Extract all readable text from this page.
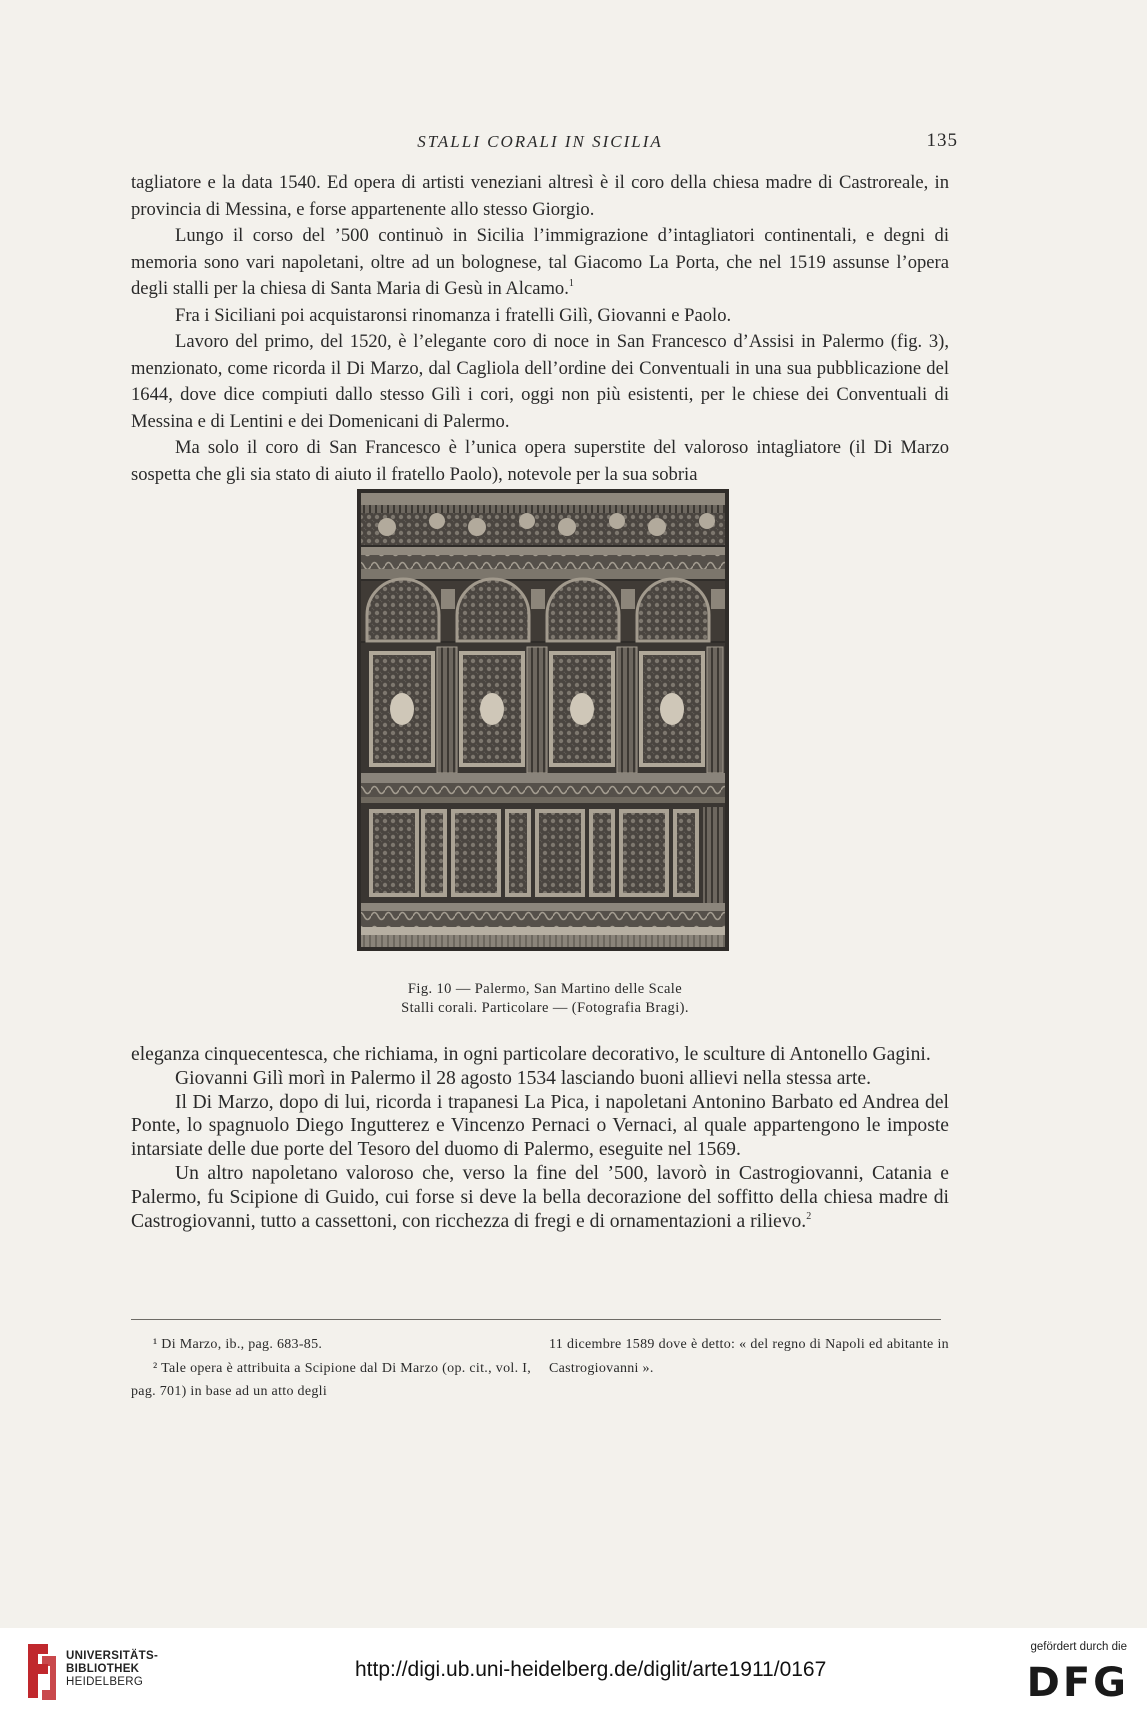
STALLI CORALI IN SICILIA	135

tagliatore e la data 1540. Ed opera di artisti veneziani altresì è il coro della chiesa madre di Castroreale, in provincia di Messina, e forse appartenente allo stesso Giorgio.

Lungo il corso del ’500 continuò in Sicilia l’immigrazione d’intagliatori continentali, e degni di memoria sono vari napoletani, oltre ad un bolognese, tal Giacomo La Porta, che nel 1519 assunse l’opera degli stalli per la chiesa di Santa Maria di Gesù in Alcamo.$^1$

Fra i Siciliani poi acquistaronsi rinomanza i fratelli Gilì, Giovanni e Paolo.

Lavoro del primo, del 1520, è l’elegante coro di noce in San Francesco d’Assisi in Palermo (fig. 3), menzionato, come ricorda il Di Marzo, dal Cagliola dell’ordine dei Conventuali in una sua pubblicazione del 1644, dove dice compiuti dallo stesso Gilì i cori, oggi non più esistenti, per le chiese dei Conventuali di Messina e di Lentini e dei Domenicani di Palermo.

Ma solo il coro di San Francesco è l’unica opera superstite del valoroso intagliatore (il Di Marzo sospetta che gli sia stato di aiuto il fratello Paolo), notevole per la sua sobria

Fig. 10 — Palermo, San Martino delle Scale
Stalli corali. Particolare — (Fotografia Bragi).

eleganza cinquecentesca, che richiama, in ogni particolare decorativo, le sculture di Antonello Gagini.

Giovanni Gilì morì in Palermo il 28 agosto 1534 lasciando buoni allievi nella stessa arte.

Il Di Marzo, dopo di lui, ricorda i trapanesi La Pica, i napoletani Antonino Barbato ed Andrea del Ponte, lo spagnuolo Diego Ingutterez e Vincenzo Pernaci o Vernaci, al quale appartengono le imposte intarsiate delle due porte del Tesoro del duomo di Palermo, eseguite nel 1569.

Un altro napoletano valoroso che, verso la fine del ’500, lavorò in Castrogiovanni, Catania e Palermo, fu Scipione di Guido, cui forse si deve la bella decorazione del soffitto della chiesa madre di Castrogiovanni, tutto a cassettoni, con ricchezza di fregi e di ornamentazioni a rilievo.$^2$

¹ Di Marzo, ib., pag. 683-85.

² Tale opera è attribuita a Scipione dal Di Marzo (op. cit., vol. I, pag. 701) in base ad un atto degli

11 dicembre 1589 dove è detto: « del regno di Napoli ed abitante in Castrogiovanni ».

UNIVERSITÄTS-
BIBLIOTHEK
HEIDELBERG
http://digi.ub.uni-heidelberg.de/diglit/arte1911/0167
gefördert durch die
DFG
